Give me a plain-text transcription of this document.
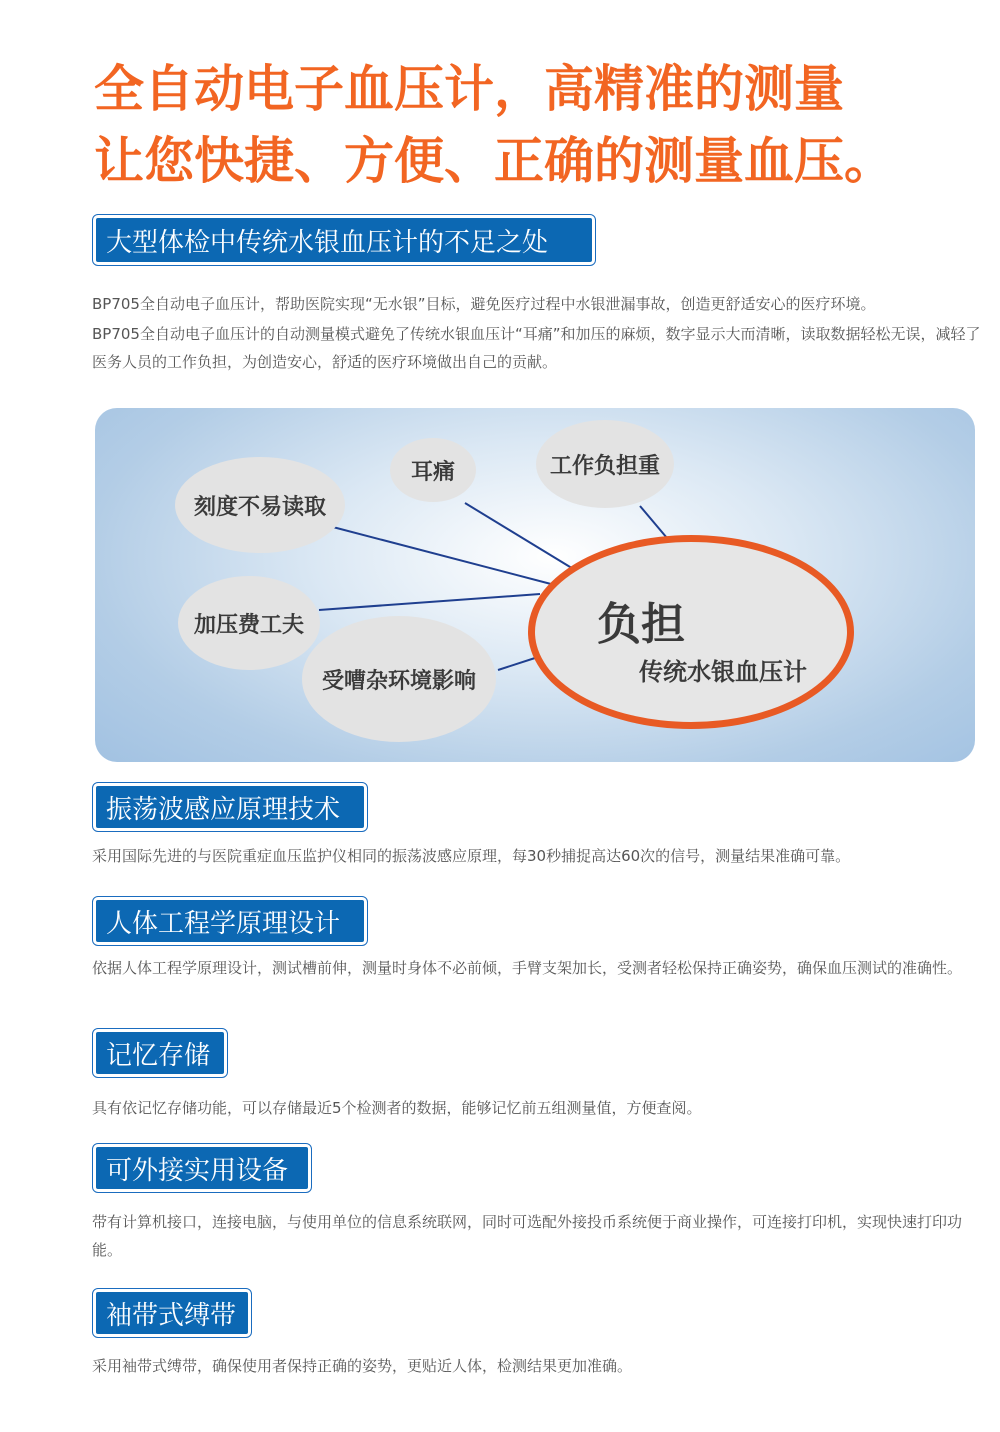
全自动电子血压计，高精准的测量
让您快捷、方便、正确的测量血压。
大型体检中传统水银血压计的不足之处

BP705全自动电子血压计，帮助医院实现“无水银”目标，避免医疗过程中水银泄漏事故，创造更舒适安心的医疗环境。

BP705全自动电子血压计的自动测量模式避免了传统水银血压计“耳痛”和加压的麻烦，数字显示大而清晰，读取数据轻松无误，减轻了医务人员的工作负担，为创造安心，舒适的医疗环境做出自己的贡献。

刻度不易读取
耳痛	工作负担重
加压费工夫
受嘈杂环境影响
负担
传统水银血压计
振荡波感应原理技术

采用国际先进的与医院重症血压监护仪相同的振荡波感应原理，每30秒捕捉高达60次的信号，测量结果准确可靠。

人体工程学原理设计

依据人体工程学原理设计，测试槽前伸，测量时身体不必前倾，手臂支架加长，受测者轻松保持正确姿势，确保血压测试的准确性。

记忆存储

具有依记忆存储功能，可以存储最近5个检测者的数据，能够记忆前五组测量值，方便查阅。

可外接实用设备

带有计算机接口，连接电脑，与使用单位的信息系统联网，同时可选配外接投币系统便于商业操作，可连接打印机，实现快速打印功能。

袖带式缚带

采用袖带式缚带，确保使用者保持正确的姿势，更贴近人体，检测结果更加准确。
